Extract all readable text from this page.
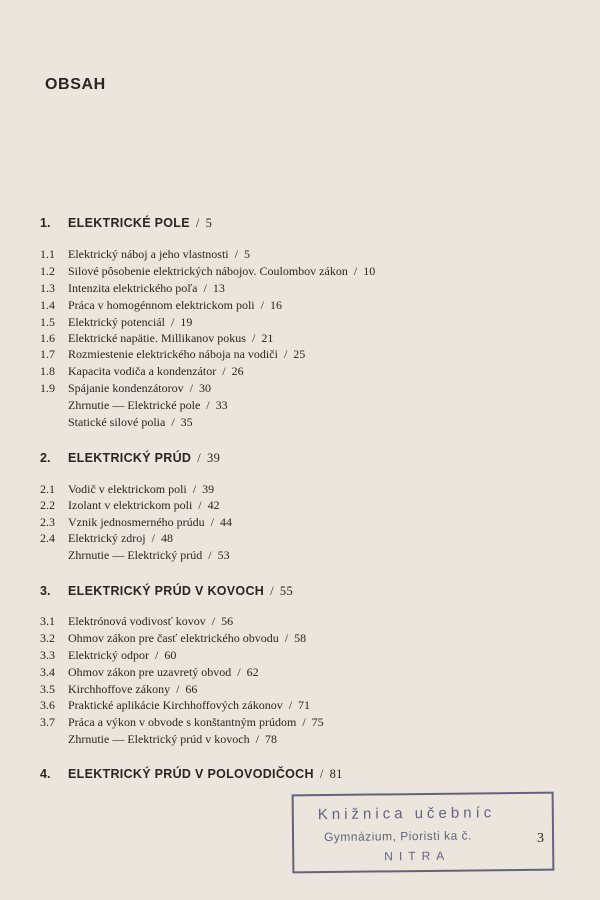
OBSAH
1. ELEKTRICKÉ POLE / 5
1.1 Elektrický náboj a jeho vlastnosti / 5
1.2 Silové pôsobenie elektrických nábojov. Coulombov zákon / 10
1.3 Intenzita elektrického poľa / 13
1.4 Práca v homogénnom elektrickom poli / 16
1.5 Elektrický potenciál / 19
1.6 Elektrické napätie. Millikanov pokus / 21
1.7 Rozmiestenie elektrického náboja na vodiči / 25
1.8 Kapacita vodiča a kondenzátor / 26
1.9 Spájanie kondenzátorov / 30
Zhrnutie — Elektrické pole / 33
Statické silové polia / 35
2. ELEKTRICKÝ PRÚD / 39
2.1 Vodič v elektrickom poli / 39
2.2 Izolant v elektrickom poli / 42
2.3 Vznik jednosmerného prúdu / 44
2.4 Elektrický zdroj / 48
Zhrnutie — Elektrický prúd / 53
3. ELEKTRICKÝ PRÚD V KOVOCH / 55
3.1 Elektrónová vodivosť kovov / 56
3.2 Ohmov zákon pre časť elektrického obvodu / 58
3.3 Elektrický odpor / 60
3.4 Ohmov zákon pre uzavretý obvod / 62
3.5 Kirchhoffove zákony / 66
3.6 Praktické aplikácie Kirchhoffových zákonov / 71
3.7 Práca a výkon v obvode s konštantným prúdom / 75
Zhrnutie — Elektrický prúd v kovoch / 78
4. ELEKTRICKÝ PRÚD V POLOVODIČOCH / 81
Knižnica učebníc
Gymnázium, Pioristi ka č.
NITRA
3
